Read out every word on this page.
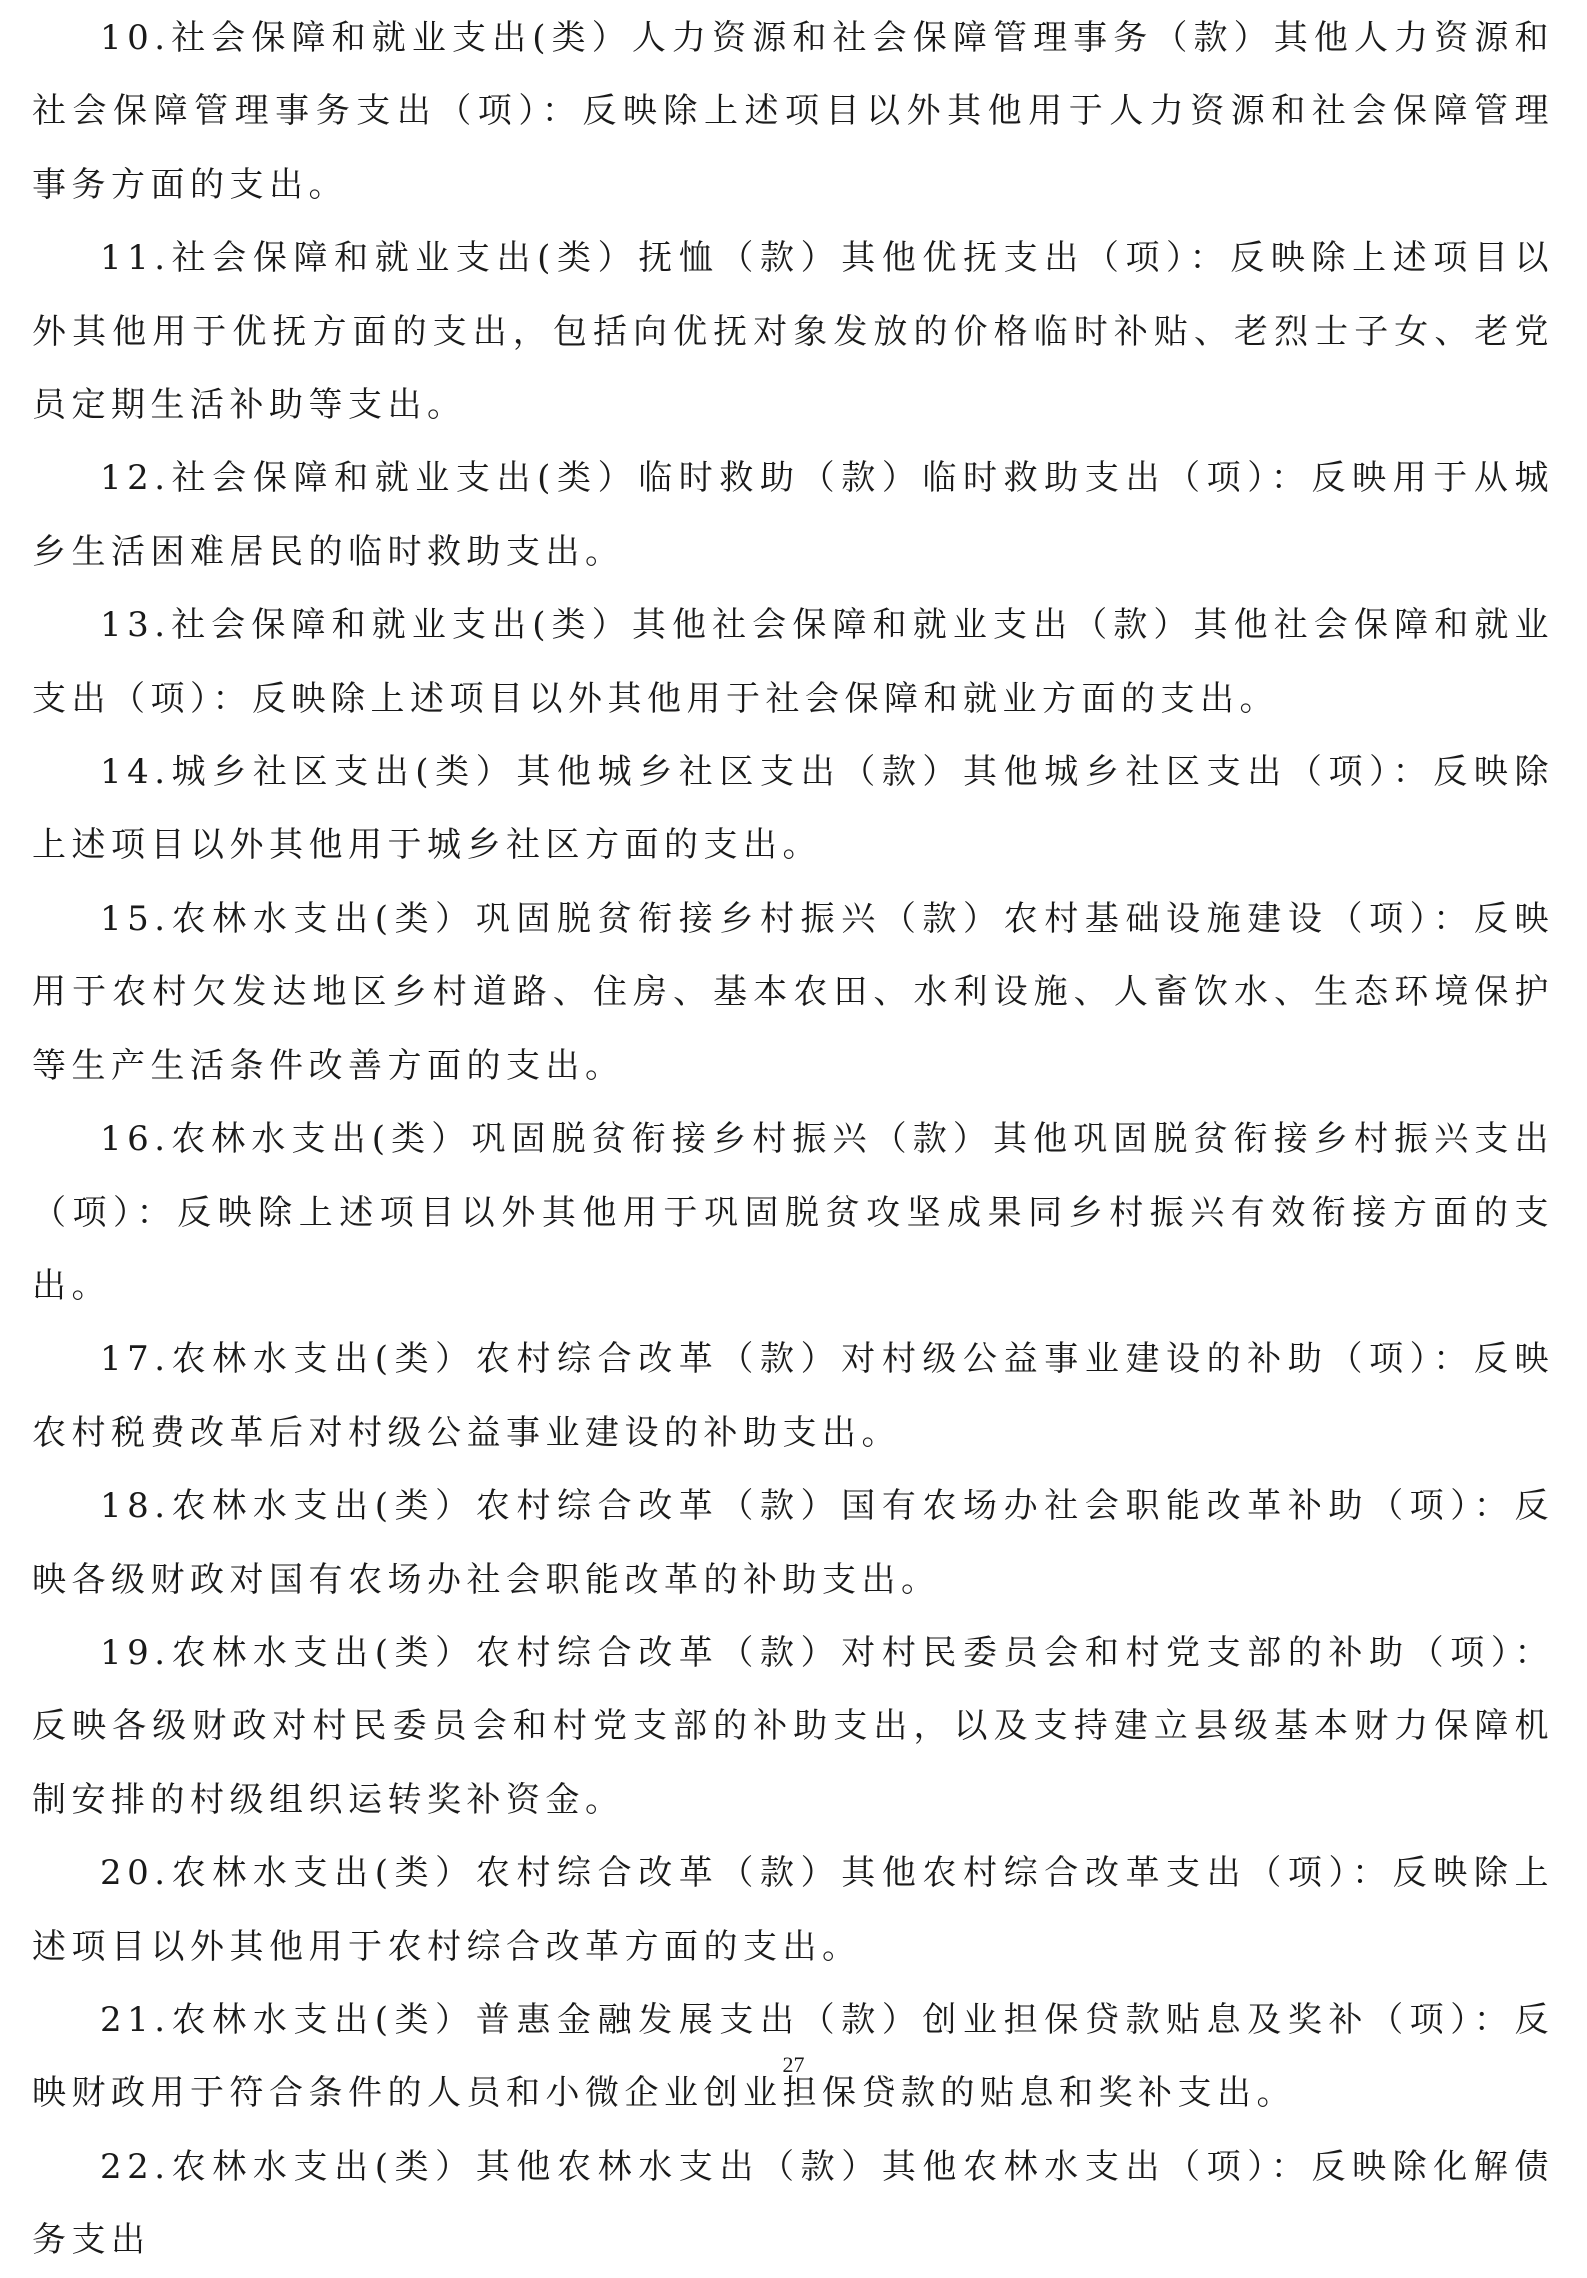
10.社会保障和就业支出(类）人力资源和社会保障管理事务（款）其他人力资源和社会保障管理事务支出（项）：反映除上述项目以外其他用于人力资源和社会保障管理事务方面的支出。

11.社会保障和就业支出(类）抚恤（款）其他优抚支出（项）：反映除上述项目以外其他用于优抚方面的支出，包括向优抚对象发放的价格临时补贴、老烈士子女、老党员定期生活补助等支出。

12.社会保障和就业支出(类）临时救助（款）临时救助支出（项）：反映用于从城乡生活困难居民的临时救助支出。

13.社会保障和就业支出(类）其他社会保障和就业支出（款）其他社会保障和就业支出（项）：反映除上述项目以外其他用于社会保障和就业方面的支出。

14.城乡社区支出(类）其他城乡社区支出（款）其他城乡社区支出（项）：反映除上述项目以外其他用于城乡社区方面的支出。

15.农林水支出(类）巩固脱贫衔接乡村振兴（款）农村基础设施建设（项）：反映用于农村欠发达地区乡村道路、住房、基本农田、水利设施、人畜饮水、生态环境保护等生产生活条件改善方面的支出。

16.农林水支出(类）巩固脱贫衔接乡村振兴（款）其他巩固脱贫衔接乡村振兴支出（项）：反映除上述项目以外其他用于巩固脱贫攻坚成果同乡村振兴有效衔接方面的支出。

17.农林水支出(类）农村综合改革（款）对村级公益事业建设的补助（项）：反映农村税费改革后对村级公益事业建设的补助支出。

18.农林水支出(类）农村综合改革（款）国有农场办社会职能改革补助（项）：反映各级财政对国有农场办社会职能改革的补助支出。

19.农林水支出(类）农村综合改革（款）对村民委员会和村党支部的补助（项）：反映各级财政对村民委员会和村党支部的补助支出，以及支持建立县级基本财力保障机制安排的村级组织运转奖补资金。

20.农林水支出(类）农村综合改革（款）其他农村综合改革支出（项）：反映除上述项目以外其他用于农村综合改革方面的支出。

21.农林水支出(类）普惠金融发展支出（款）创业担保贷款贴息及奖补（项）：反映财政用于符合条件的人员和小微企业创业担保贷款的贴息和奖补支出。

22.农林水支出(类）其他农林水支出（款）其他农林水支出（项）：反映除化解债务支出

27
